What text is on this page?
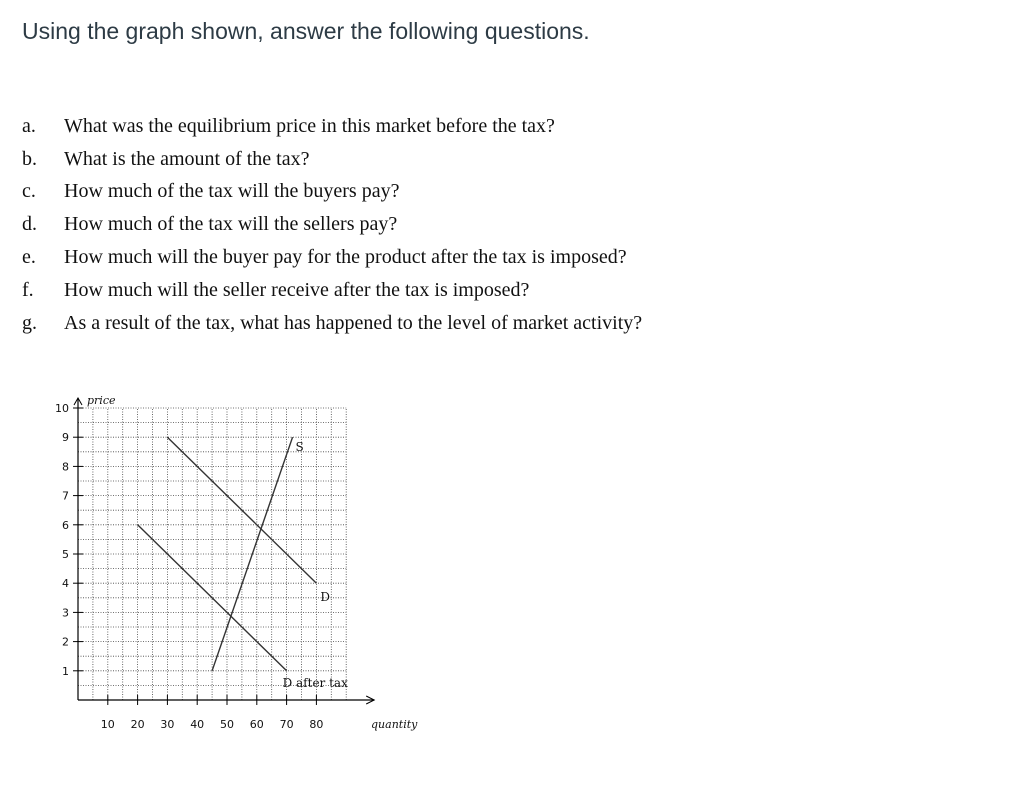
Using the graph shown, answer the following questions.
a.	What was the equilibrium price in this market before the tax?
b.	What is the amount of the tax?
c.	How much of the tax will the buyers pay?
d.	How much of the tax will the sellers pay?
e.	How much will the buyer pay for the product after the tax is imposed?
f.	How much will the seller receive after the tax is imposed?
g.	As a result of the tax, what has happened to the level of market activity?
1
2
3
4
5
6
7
8
9
10
10 20 30 40 50 60 70 80
price
quantity
S
D
D after tax
